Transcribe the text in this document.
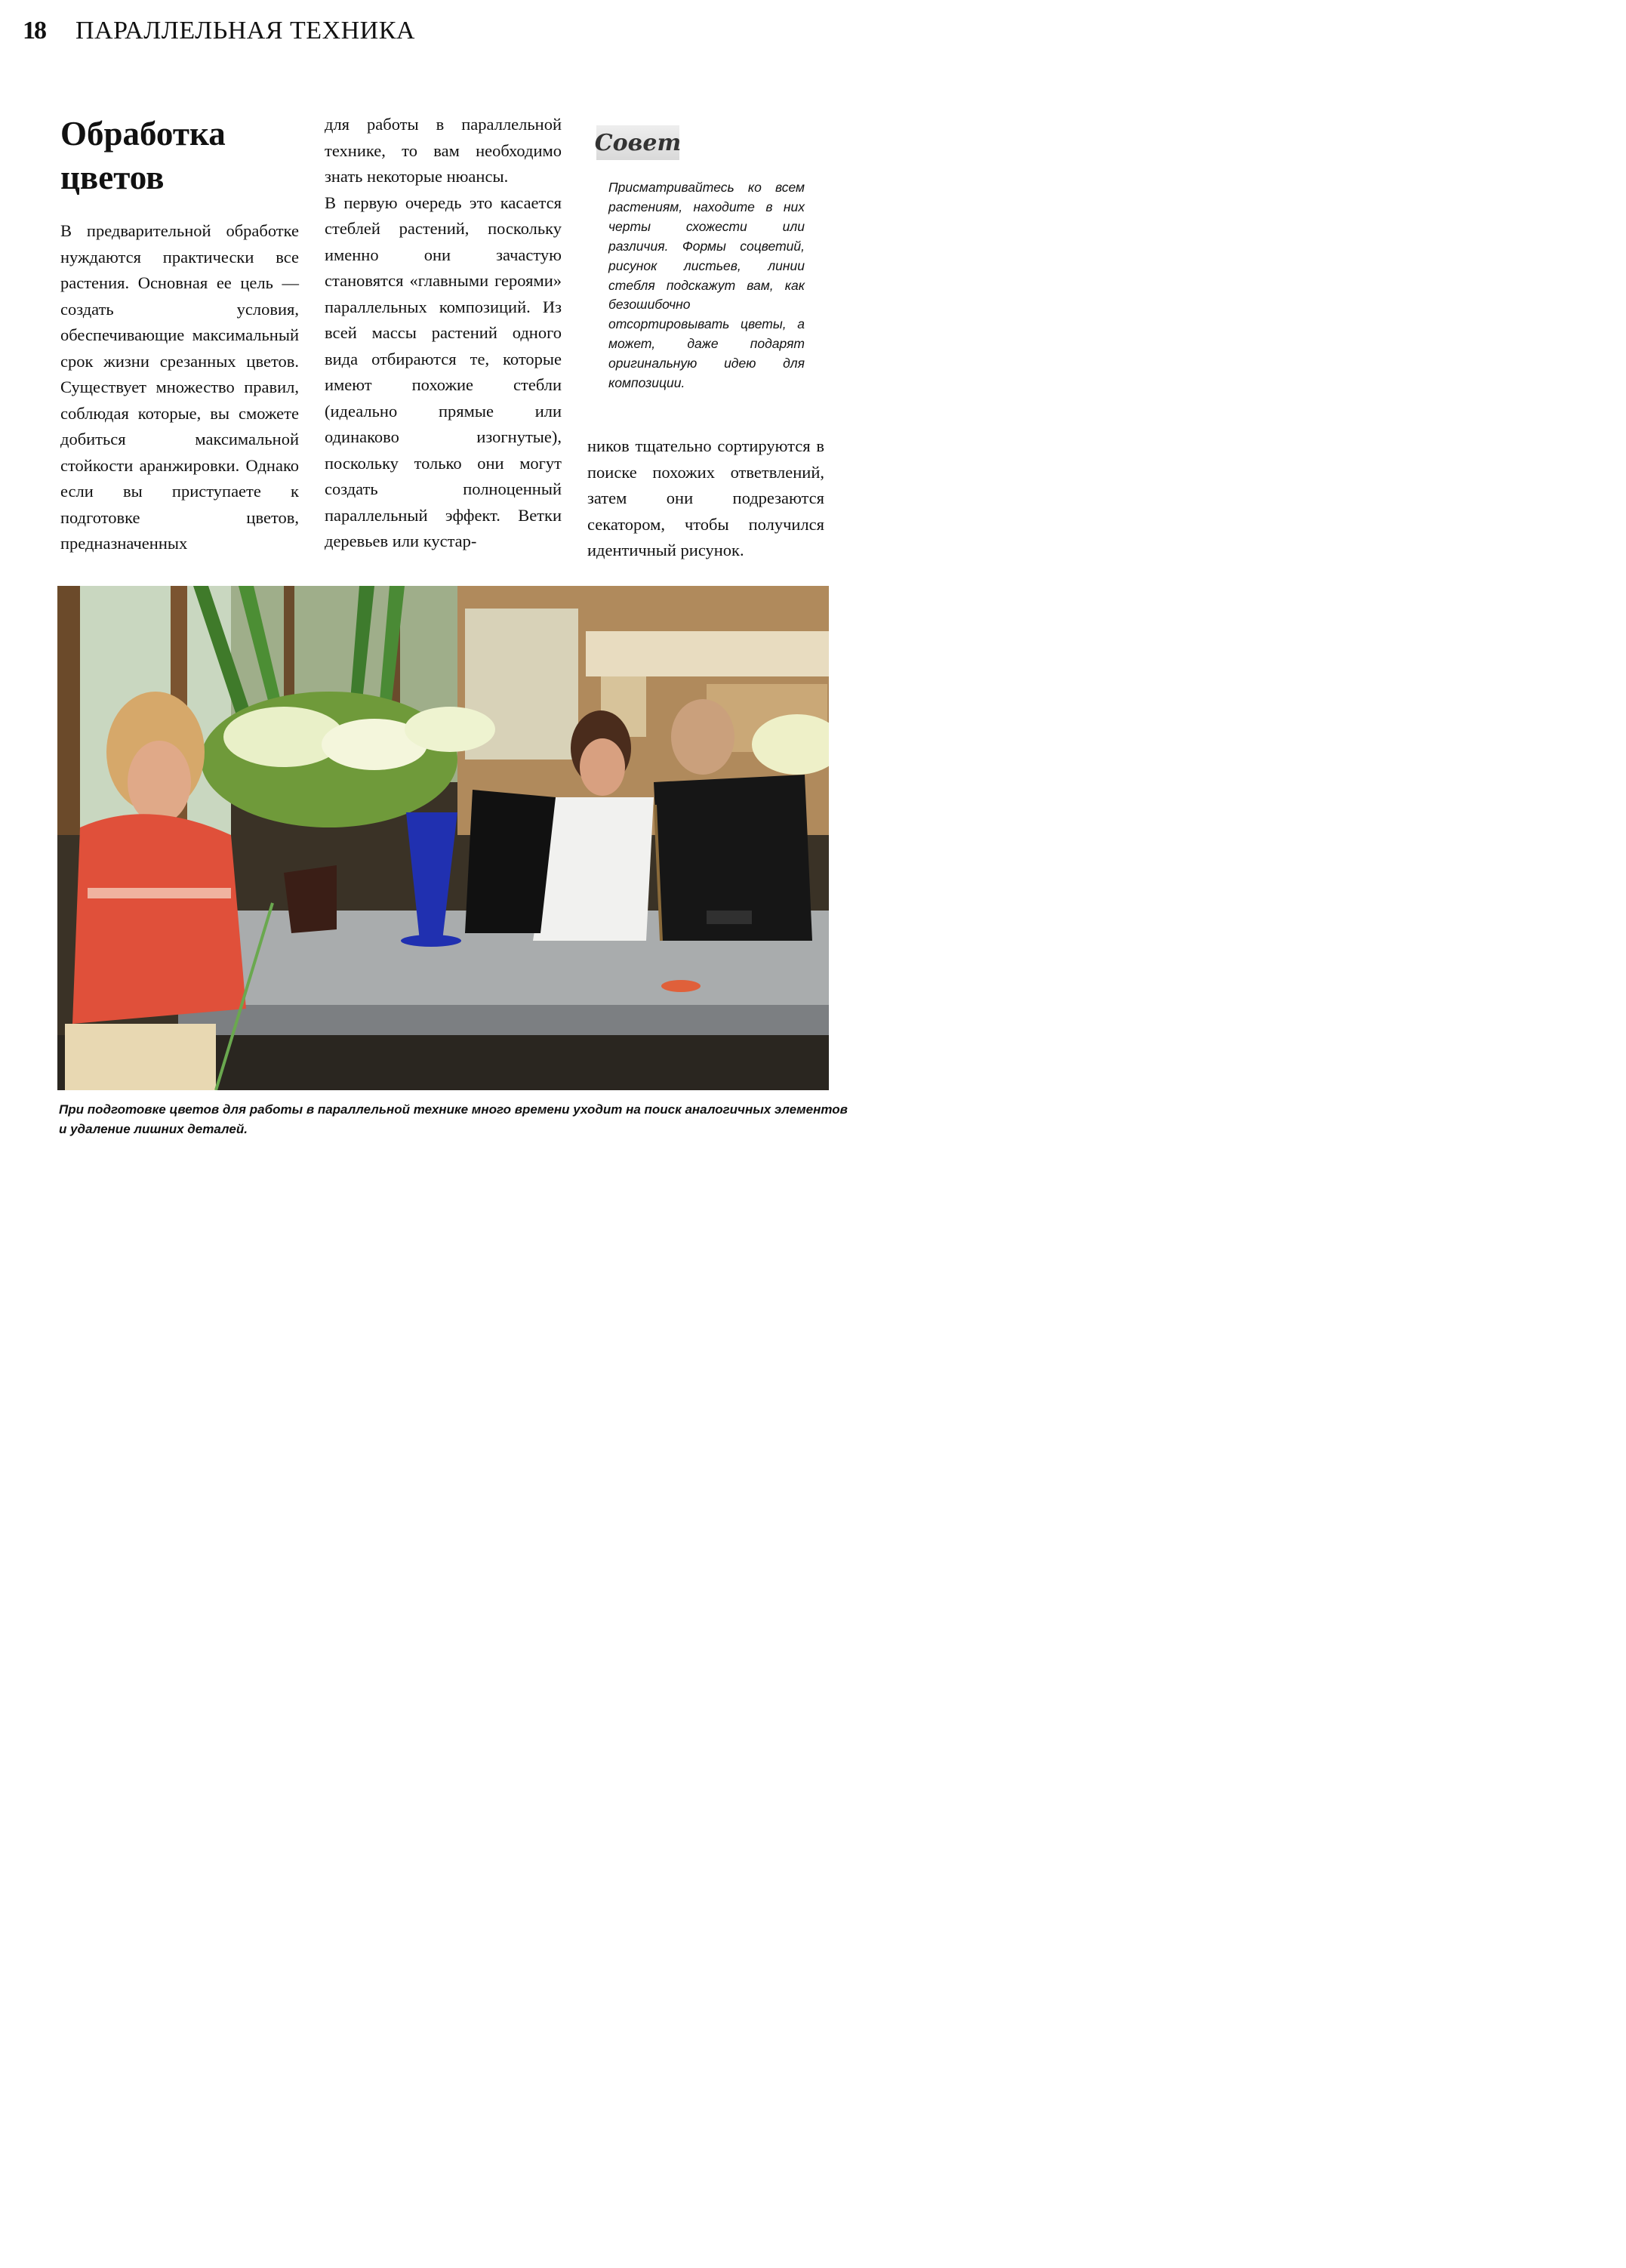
18 ПАРАЛЛЕЛЬНАЯ ТЕХНИКА
Обработка цветов

В предварительной обработке нуждаются практически все растения. Основная ее цель — создать условия, обеспечивающие максимальный срок жизни срезанных цветов. Существует множество правил, соблюдая которые, вы сможете добиться максимальной стойкости аранжировки. Однако если вы приступаете к подготовке цветов, предназначенных

для работы в параллельной технике, то вам необходимо знать некоторые нюансы.

В первую очередь это касается стеблей растений, поскольку именно они зачастую становятся «главными героями» параллельных композиций. Из всей массы растений одного вида отбираются те, которые имеют похожие стебли (идеально прямые или одинаково изогнутые), поскольку только они могут создать полноценный параллельный эффект. Ветки деревьев или кустар-

ников тщательно сортируются в поиске похожих ответвлений, затем они подрезаются секатором, чтобы получился идентичный рисунок.

Совет
Присматривайтесь ко всем растениям, находите в них черты схожести или различия. Формы соцветий, рисунок листьев, линии стебля подскажут вам, как безошибочно отсортировывать цветы, а может, даже подарят оригинальную идею для композиции.
При подготовке цветов для работы в параллельной технике много времени уходит на поиск аналогичных элементов и удаление лишних деталей.
